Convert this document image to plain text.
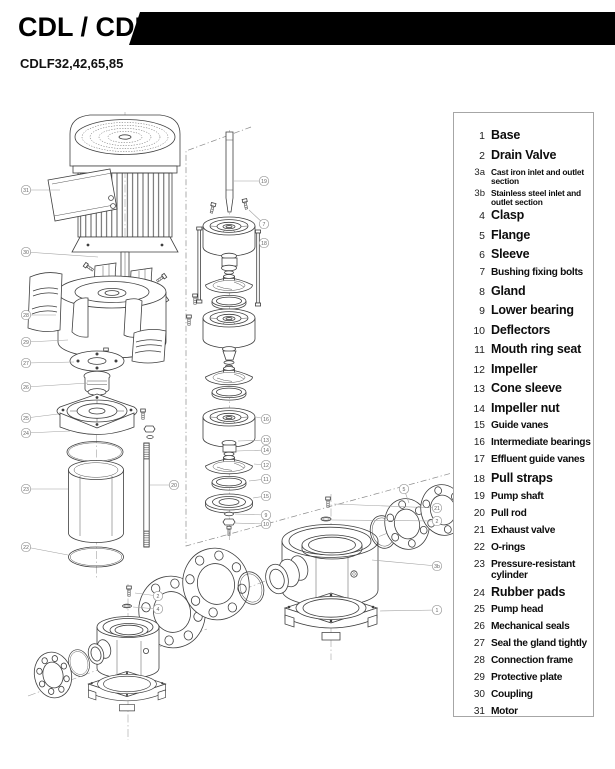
31
30
28
29
27
26
25
24
23
22
19
7
18
20
16
13
14
12
11
15
9
10
21
2
5
3b
1
2
4
CDL / CDLF
CDLF32,42,65,85
1 Base
2 Drain Valve
3a Cast iron inlet and outlet section
3b Stainless steel inlet and outlet section
4 Clasp
5 Flange
6 Sleeve
7 Bushing fixing bolts
8 Gland
9 Lower bearing
10 Deflectors
11 Mouth ring seat
12 Impeller
13 Cone sleeve
14 Impeller nut
15 Guide vanes
16 Intermediate bearings
17 Effluent guide vanes
18 Pull straps
19 Pump shaft
20 Pull rod
21 Exhaust valve
22 O-rings
23 Pressure-resistant cylinder
24 Rubber pads
25 Pump head
26 Mechanical seals
27 Seal the gland tightly
28 Connection frame
29 Protective plate
30 Coupling
31 Motor
